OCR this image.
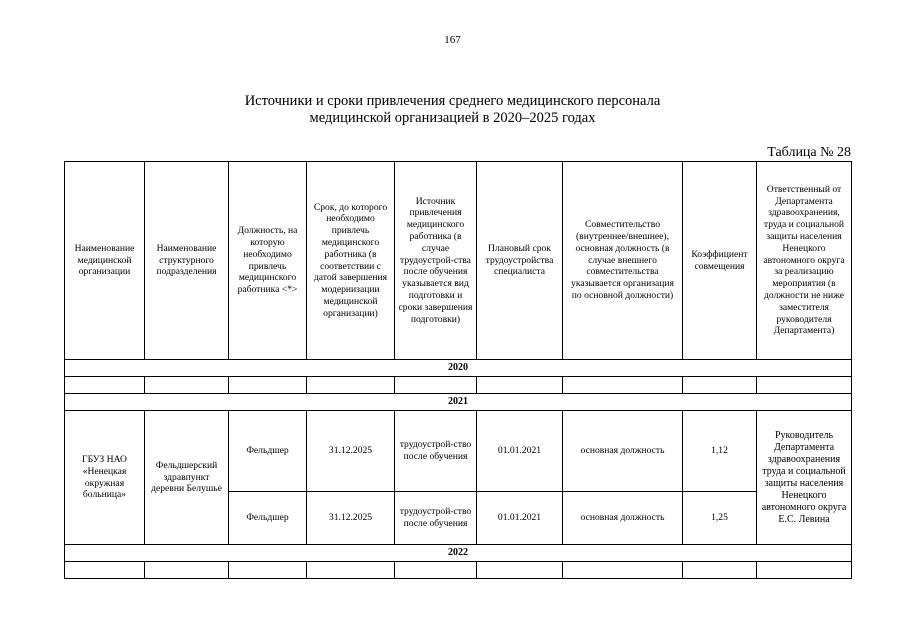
167
Источники и сроки привлечения среднего медицинского персонала
медицинской организацией в 2020–2025 годах
Таблица № 28
Наименование медицинской организации	Наименование структурного подразделения	Должность, на которую необходимо привлечь медицинского работника <*>	Срок, до которого необходимо привлечь медицинского работника (в соответствии с датой завершения модернизации медицинской организации)	Источник привлечения медицинского работника (в случае трудоустрой-ства после обучения указывается вид подготовки и сроки завершения подготовки)	Плановый срок трудоустройства специалиста	Совместительство (внутреннее/внешнее), основная должность (в случае внешнего совместительства указывается организация по основной должности)	Коэффициент совмещения	Ответственный от Департамента здравоохранения, труда и социальной защиты населения Ненецкого автономного округа за реализацию мероприятия (в должности не ниже заместителя руководителя Департамента)
2020								

2021								
ГБУЗ НАО «Ненецкая окружная больница»	Фельдшерский здравпункт деревни Белушье	Фельдшер	31.12.2025	трудоустрой-ство после обучения	01.01.2021	основная должность	1,12	Руководитель Департамента здравоохранения труда и социальной защиты населения Ненецкого автономного округа Е.С. Левина
		Фельдшер	31.12.2025	трудоустрой-ство после обучения	01.01.2021	основная должность	1,25	
2022								
